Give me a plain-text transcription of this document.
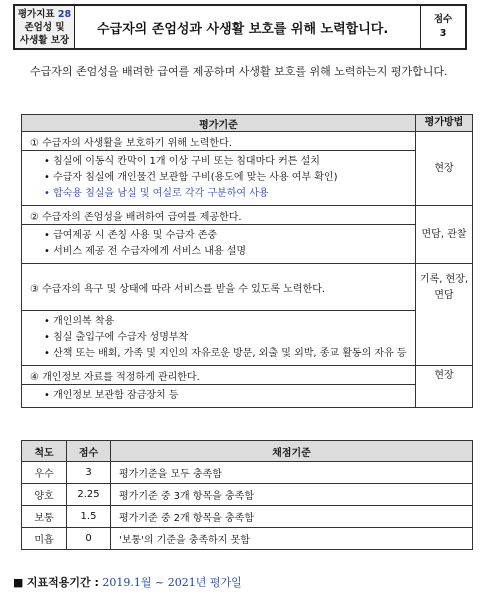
평가지표 28
존엄성 및
사생활 보장
수급자의 존엄성과 사생활 보호를 위해 노력합니다.
점수
3
수급자의 존엄성을 배려한 급여를 제공하며 사생활 보호를 위해 노력하는지 평가합니다.
평가기준	평가방법
① 수급자의 사생활을 보호하기 위해 노력한다.	현장

• 침실에 이동식 칸막이 1개 이상 구비 또는 침대마다 커튼 설치
• 수급자 침실에 개인물건 보관함 구비(용도에 맞는 사용 여부 확인)
• 합숙용 침실을 남실 및 여실로 각각 구분하여 사용	

② 수급자의 존엄성을 배려하여 급여를 제공한다.	면담, 관찰

• 급여제공 시 존칭 사용 및 수급자 존중
• 서비스 제공 전 수급자에게 서비스 내용 설명	

③ 수급자의 욕구 및 상태에 따라 서비스를 받을 수 있도록 노력한다.	기록, 현장,
면담

• 개인의복 착용
• 침실 출입구에 수급자 성명부착
• 산책 또는 배회, 가족 및 지인의 자유로운 방문, 외출 및 외박, 종교 활동의 자유 등	

④ 개인정보 자료를 적정하게 관리한다.	현장

• 개인정보 보관함 잠금장치 등	
척도	점수	채점기준
우수	3	평가기준을 모두 충족함
양호	2.25	평가기준 중 3개 항목을 충족함
보통	1.5	평가기준 중 2개 항목을 충족함
미흡	0	'보통'의 기준을 충족하지 못함
■ 지표적용기간 : 2019.1월 ~ 2021년 평가일
